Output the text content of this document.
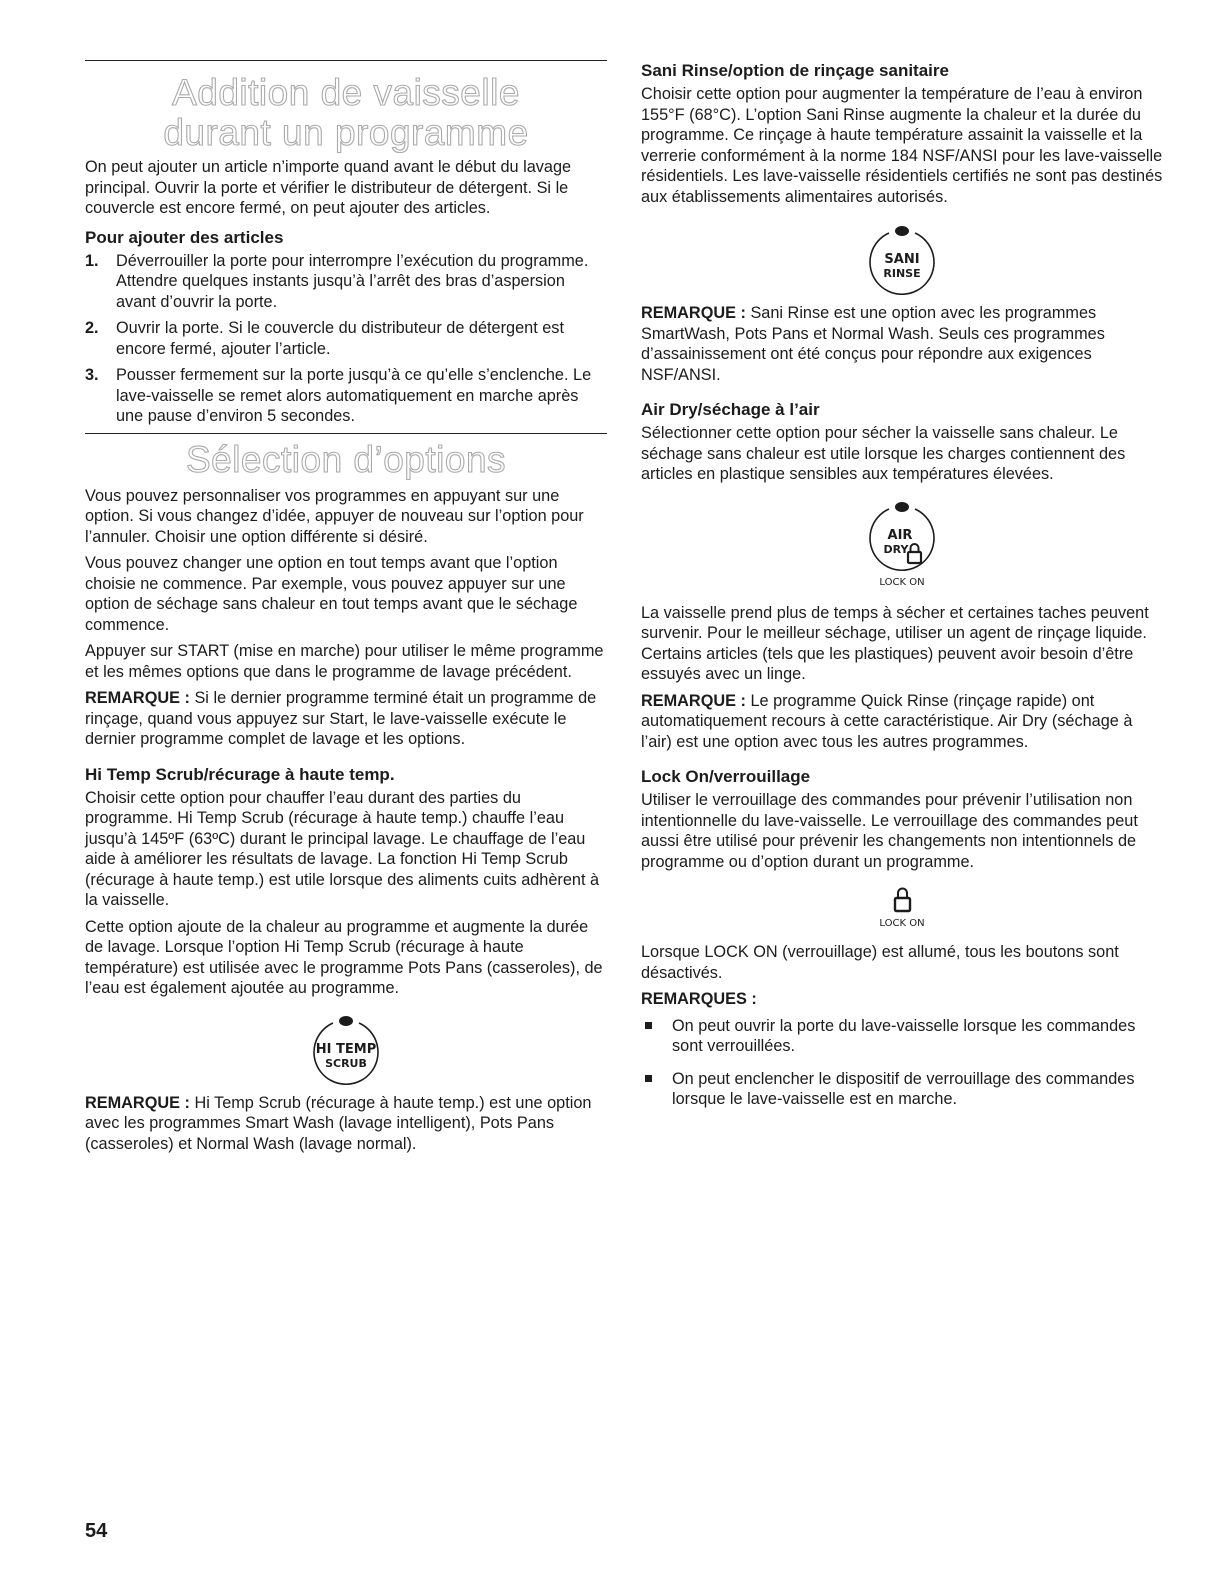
Addition de vaisselle
durant un programme

On peut ajouter un article n’importe quand avant le début du lavage principal. Ouvrir la porte et vérifier le distributeur de détergent. Si le couvercle est encore fermé, on peut ajouter des articles.

Pour ajouter des articles
1. Déverrouiller la porte pour interrompre l’exécution du programme. Attendre quelques instants jusqu’à l’arrêt des bras d’aspersion avant d’ouvrir la porte.
2. Ouvrir la porte. Si le couvercle du distributeur de détergent est encore fermé, ajouter l’article.
3. Pousser fermement sur la porte jusqu’à ce qu’elle s’enclenche. Le lave-vaisselle se remet alors automatiquement en marche après une pause d’environ 5 secondes.
Sélection d’options

Vous pouvez personnaliser vos programmes en appuyant sur une option. Si vous changez d’idée, appuyer de nouveau sur l’option pour l’annuler. Choisir une option différente si désiré.

Vous pouvez changer une option en tout temps avant que l’option choisie ne commence. Par exemple, vous pouvez appuyer sur une option de séchage sans chaleur en tout temps avant que le séchage commence.

Appuyer sur START (mise en marche) pour utiliser le même programme et les mêmes options que dans le programme de lavage précédent.

REMARQUE : Si le dernier programme terminé était un programme de rinçage, quand vous appuyez sur Start, le lave-vaisselle exécute le dernier programme complet de lavage et les options.

Hi Temp Scrub/récurage à haute temp.

Choisir cette option pour chauffer l’eau durant des parties du programme. Hi Temp Scrub (récurage à haute temp.) chauffe l’eau jusqu’à 145ºF (63ºC) durant le principal lavage. Le chauffage de l’eau aide à améliorer les résultats de lavage. La fonction Hi Temp Scrub (récurage à haute temp.) est utile lorsque des aliments cuits adhèrent à la vaisselle.

Cette option ajoute de la chaleur au programme et augmente la durée de lavage. Lorsque l’option Hi Temp Scrub (récurage à haute température) est utilisée avec le programme Pots Pans (casseroles), de l’eau est également ajoutée au programme.

HI TEMP
SCRUB

REMARQUE : Hi Temp Scrub (récurage à haute temp.) est une option avec les programmes Smart Wash (lavage intelligent), Pots Pans (casseroles) et Normal Wash (lavage normal).

Sani Rinse/option de rinçage sanitaire

Choisir cette option pour augmenter la température de l’eau à environ 155°F (68°C). L’option Sani Rinse augmente la chaleur et la durée du programme. Ce rinçage à haute température assainit la vaisselle et la verrerie conformément à la norme 184 NSF/ANSI pour les lave-vaisselle résidentiels. Les lave-vaisselle résidentiels certifiés ne sont pas destinés aux établissements alimentaires autorisés.

SANI
RINSE

REMARQUE : Sani Rinse est une option avec les programmes SmartWash, Pots Pans et Normal Wash. Seuls ces programmes d’assainissement ont été conçus pour répondre aux exigences NSF/ANSI.

Air Dry/séchage à l’air

Sélectionner cette option pour sécher la vaisselle sans chaleur. Le séchage sans chaleur est utile lorsque les charges contiennent des articles en plastique sensibles aux températures élevées.

AIR
DRY
LOCK ON

La vaisselle prend plus de temps à sécher et certaines taches peuvent survenir. Pour le meilleur séchage, utiliser un agent de rinçage liquide. Certains articles (tels que les plastiques) peuvent avoir besoin d’être essuyés avec un linge.

REMARQUE : Le programme Quick Rinse (rinçage rapide) ont automatiquement recours à cette caractéristique. Air Dry (séchage à l’air) est une option avec tous les autres programmes.

Lock On/verrouillage

Utiliser le verrouillage des commandes pour prévenir l’utilisation non intentionnelle du lave-vaisselle. Le verrouillage des commandes peut aussi être utilisé pour prévenir les changements non intentionnels de programme ou d’option durant un programme.

LOCK ON

Lorsque LOCK ON (verrouillage) est allumé, tous les boutons sont désactivés.

REMARQUES :

On peut ouvrir la porte du lave-vaisselle lorsque les commandes sont verrouillées.
On peut enclencher le dispositif de verrouillage des commandes lorsque le lave-vaisselle est en marche.
54
